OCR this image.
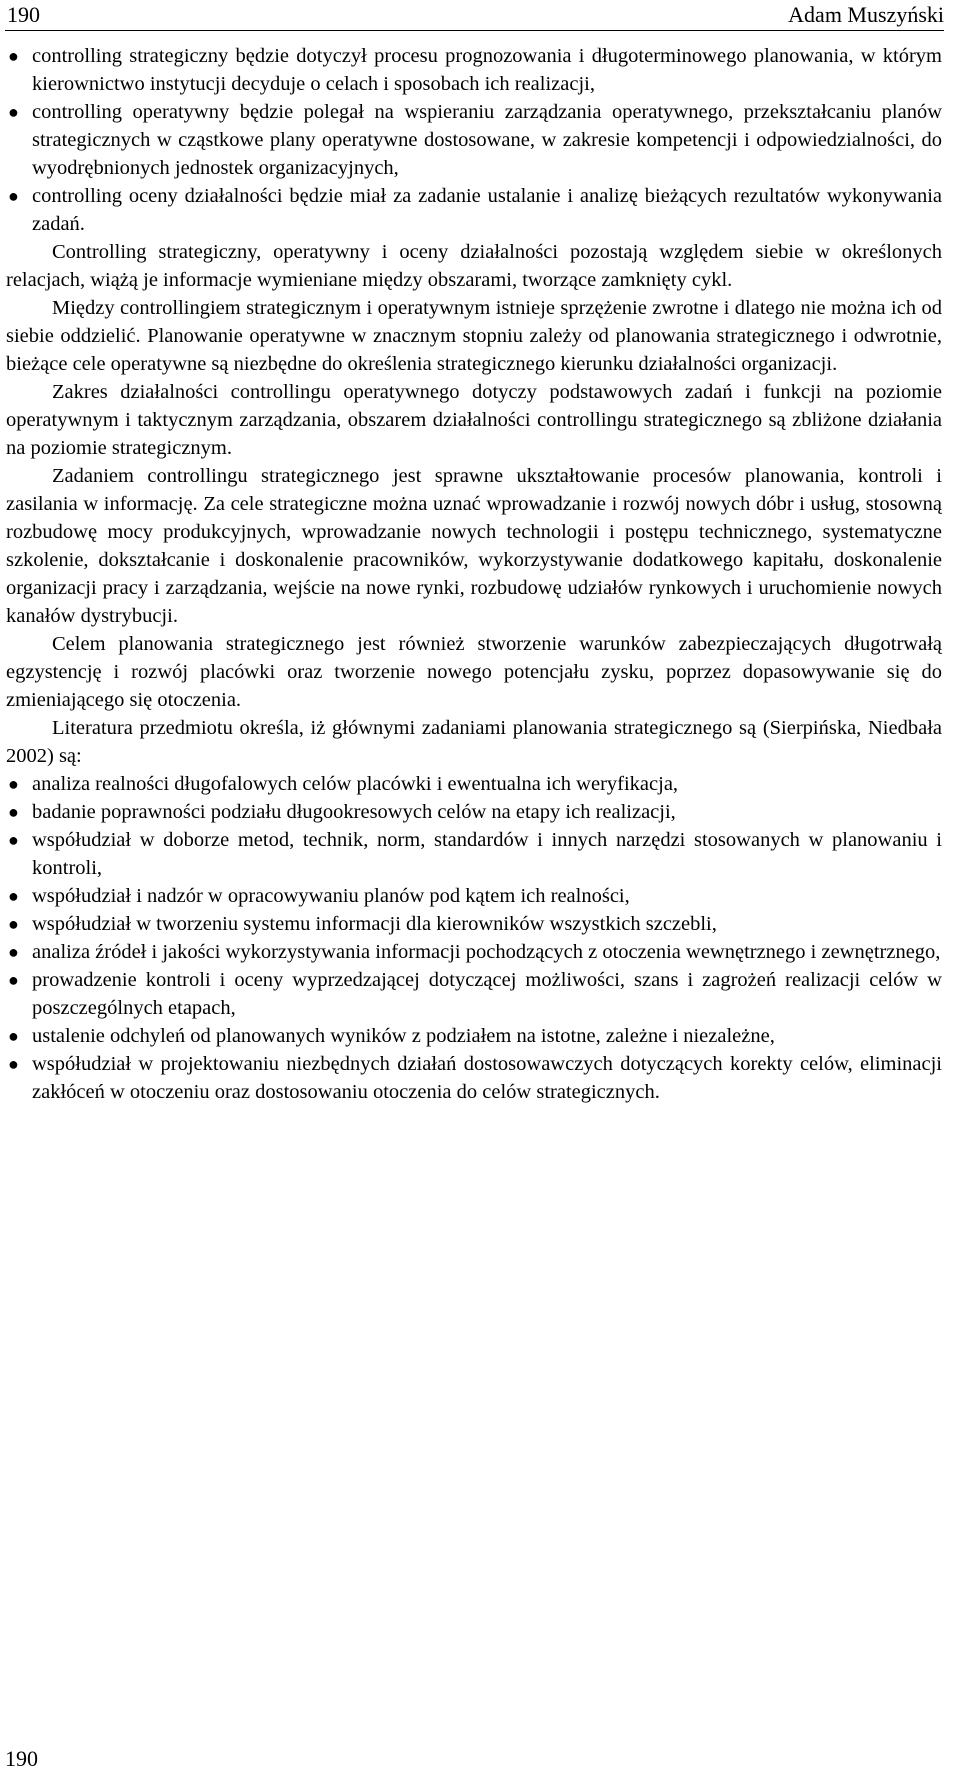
190	Adam Muszyński
● controlling strategiczny będzie dotyczył procesu prognozowania i długoterminowego planowania, w którym kierownictwo instytucji decyduje o celach i sposobach ich realizacji,
● controlling operatywny będzie polegał na wspieraniu zarządzania operatywnego, przekształcaniu planów strategicznych w cząstkowe plany operatywne dostosowane, w zakresie kompetencji i odpowiedzialności, do wyodrębnionych jednostek organizacyjnych,
● controlling oceny działalności będzie miał za zadanie ustalanie i analizę bieżących rezultatów wykonywania zadań.

Controlling strategiczny, operatywny i oceny działalności pozostają względem siebie w określonych relacjach, wiążą je informacje wymieniane między obszarami, tworzące zamknięty cykl.

Między controllingiem strategicznym i operatywnym istnieje sprzężenie zwrotne i dlatego nie można ich od siebie oddzielić. Planowanie operatywne w znacznym stopniu zależy od planowania strategicznego i odwrotnie, bieżące cele operatywne są niezbędne do określenia strategicznego kierunku działalności organizacji.

Zakres działalności controllingu operatywnego dotyczy podstawowych zadań i funkcji na poziomie operatywnym i taktycznym zarządzania, obszarem działalności controllingu strategicznego są zbliżone działania na poziomie strategicznym.

Zadaniem controllingu strategicznego jest sprawne ukształtowanie procesów planowania, kontroli i zasilania w informację. Za cele strategiczne można uznać wprowadzanie i rozwój nowych dóbr i usług, stosowną rozbudowę mocy produkcyjnych, wprowadzanie nowych technologii i postępu technicznego, systematyczne szkolenie, dokształcanie i doskonalenie pracowników, wykorzystywanie dodatkowego kapitału, doskonalenie organizacji pracy i zarządzania, wejście na nowe rynki, rozbudowę udziałów rynkowych i uruchomienie nowych kanałów dystrybucji.

Celem planowania strategicznego jest również stworzenie warunków zabezpieczających długotrwałą egzystencję i rozwój placówki oraz tworzenie nowego potencjału zysku, poprzez dopasowywanie się do zmieniającego się otoczenia.

Literatura przedmiotu określa, iż głównymi zadaniami planowania strategicznego są (Sierpińska, Niedbała 2002) są:

● analiza realności długofalowych celów placówki i ewentualna ich weryfikacja,
● badanie poprawności podziału długookresowych celów na etapy ich realizacji,
● współudział w doborze metod, technik, norm, standardów i innych narzędzi stosowanych w planowaniu i kontroli,
● współudział i nadzór w opracowywaniu planów pod kątem ich realności,
● współudział w tworzeniu systemu informacji dla kierowników wszystkich szczebli,
● analiza źródeł i jakości wykorzystywania informacji pochodzących z otoczenia wewnętrznego i zewnętrznego,
● prowadzenie kontroli i oceny wyprzedzającej dotyczącej możliwości, szans i zagrożeń realizacji celów w poszczególnych etapach,
● ustalenie odchyleń od planowanych wyników z podziałem na istotne, zależne i niezależne,
● współudział w projektowaniu niezbędnych działań dostosowawczych dotyczących korekty celów, eliminacji zakłóceń w otoczeniu oraz dostosowaniu otoczenia do celów strategicznych.
190
